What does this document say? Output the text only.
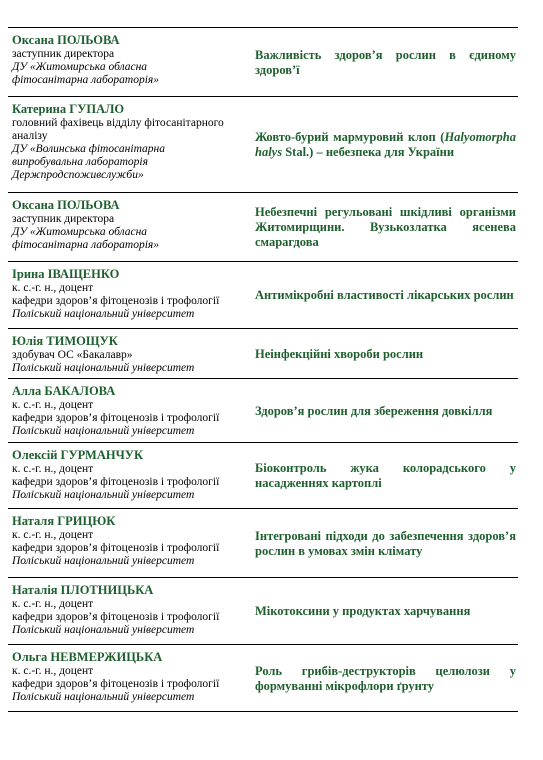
Оксана ПОЛЬОВА
заступник директора
ДУ «Житомирська обласна
фітосанітарна лабораторія»
Важливість здоров’я рослин в єдиному здоров’ї
Катерина ГУПАЛО
головний фахівець відділу фітосанітарного
аналізу
ДУ «Волинська фітосанітарна
випробувальна лабораторія
Держпродспоживслужби»
Жовто-бурий мармуровий клоп (Halyomorpha halys Stal.) – небезпека для України
Оксана ПОЛЬОВА
заступник директора
ДУ «Житомирська обласна
фітосанітарна лабораторія»
Небезпечні регульовані шкідливі організми Житомирщини. Вузькозлатка ясенева смарагдова
Ірина ІВАЩЕНКО
к. с.-г. н., доцент
кафедри здоров’я фітоценозів і трофології
Поліський національний університет
Антимікробні властивості лікарських рослин
Юлія ТИМОЩУК
здобувач ОС «Бакалавр»
Поліський національний університет
Неінфекційні хвороби рослин
Алла БАКАЛОВА
к. с.-г. н., доцент
кафедри здоров’я фітоценозів і трофології
Поліський національний університет
Здоров’я рослин для збереження довкілля
Олексій ГУРМАНЧУК
к. с.-г. н., доцент
кафедри здоров’я фітоценозів і трофології
Поліський національний університет
Біоконтроль жука колорадського у насадженнях картоплі
Наталя ГРИЦЮК
к. с.-г. н., доцент
кафедри здоров’я фітоценозів і трофології
Поліський національний університет
Інтегровані підходи до забезпечення здоров’я рослин в умовах змін клімату
Наталія ПЛОТНИЦЬКА
к. с.-г. н., доцент
кафедри здоров’я фітоценозів і трофології
Поліський національний університет
Мікотоксини у продуктах харчування
Ольга НЕВМЕРЖИЦЬКА
к. с.-г. н., доцент
кафедри здоров’я фітоценозів і трофології
Поліський національний університет
Роль грибів-деструкторів целюлози у формуванні мікрофлори ґрунту
